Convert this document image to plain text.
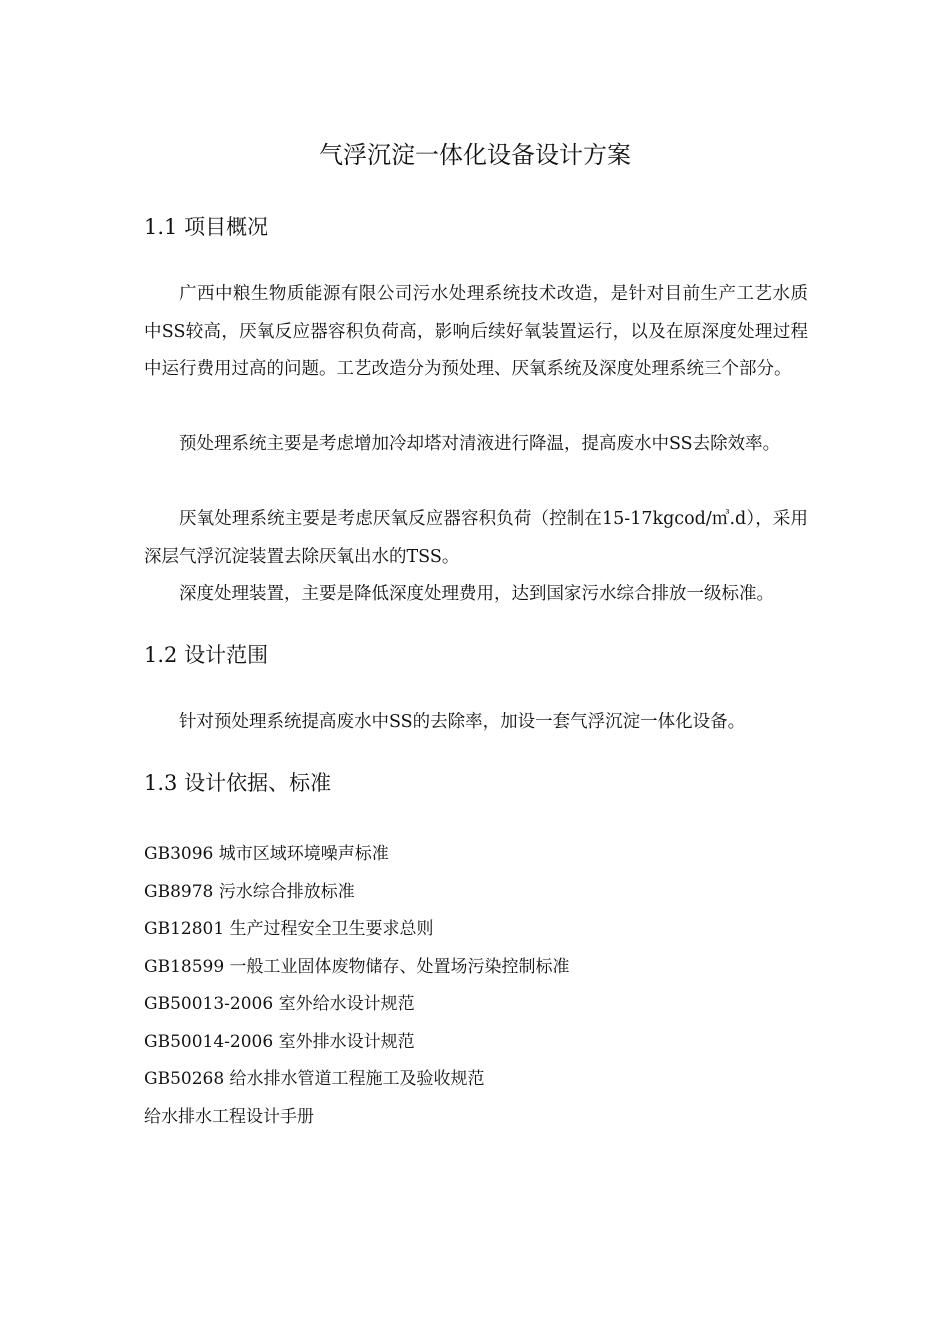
气浮沉淀一体化设备设计方案
1.1 项目概况

广西中粮生物质能源有限公司污水处理系统技术改造，是针对目前生产工艺水质中SS较高，厌氧反应器容积负荷高，影响后续好氧装置运行，以及在原深度处理过程中运行费用过高的问题。工艺改造分为预处理、厌氧系统及深度处理系统三个部分。

预处理系统主要是考虑增加冷却塔对清液进行降温，提高废水中SS去除效率。

厌氧处理系统主要是考虑厌氧反应器容积负荷（控制在15-17kgcod/㎥.d），采用深层气浮沉淀装置去除厌氧出水的TSS。

深度处理装置，主要是降低深度处理费用，达到国家污水综合排放一级标准。

1.2 设计范围

针对预处理系统提高废水中SS的去除率，加设一套气浮沉淀一体化设备。

1.3 设计依据、标准
GB3096 城市区域环境噪声标准
GB8978 污水综合排放标准
GB12801 生产过程安全卫生要求总则
GB18599 一般工业固体废物储存、处置场污染控制标准
GB50013-2006 室外给水设计规范
GB50014-2006 室外排水设计规范
GB50268 给水排水管道工程施工及验收规范
给水排水工程设计手册
